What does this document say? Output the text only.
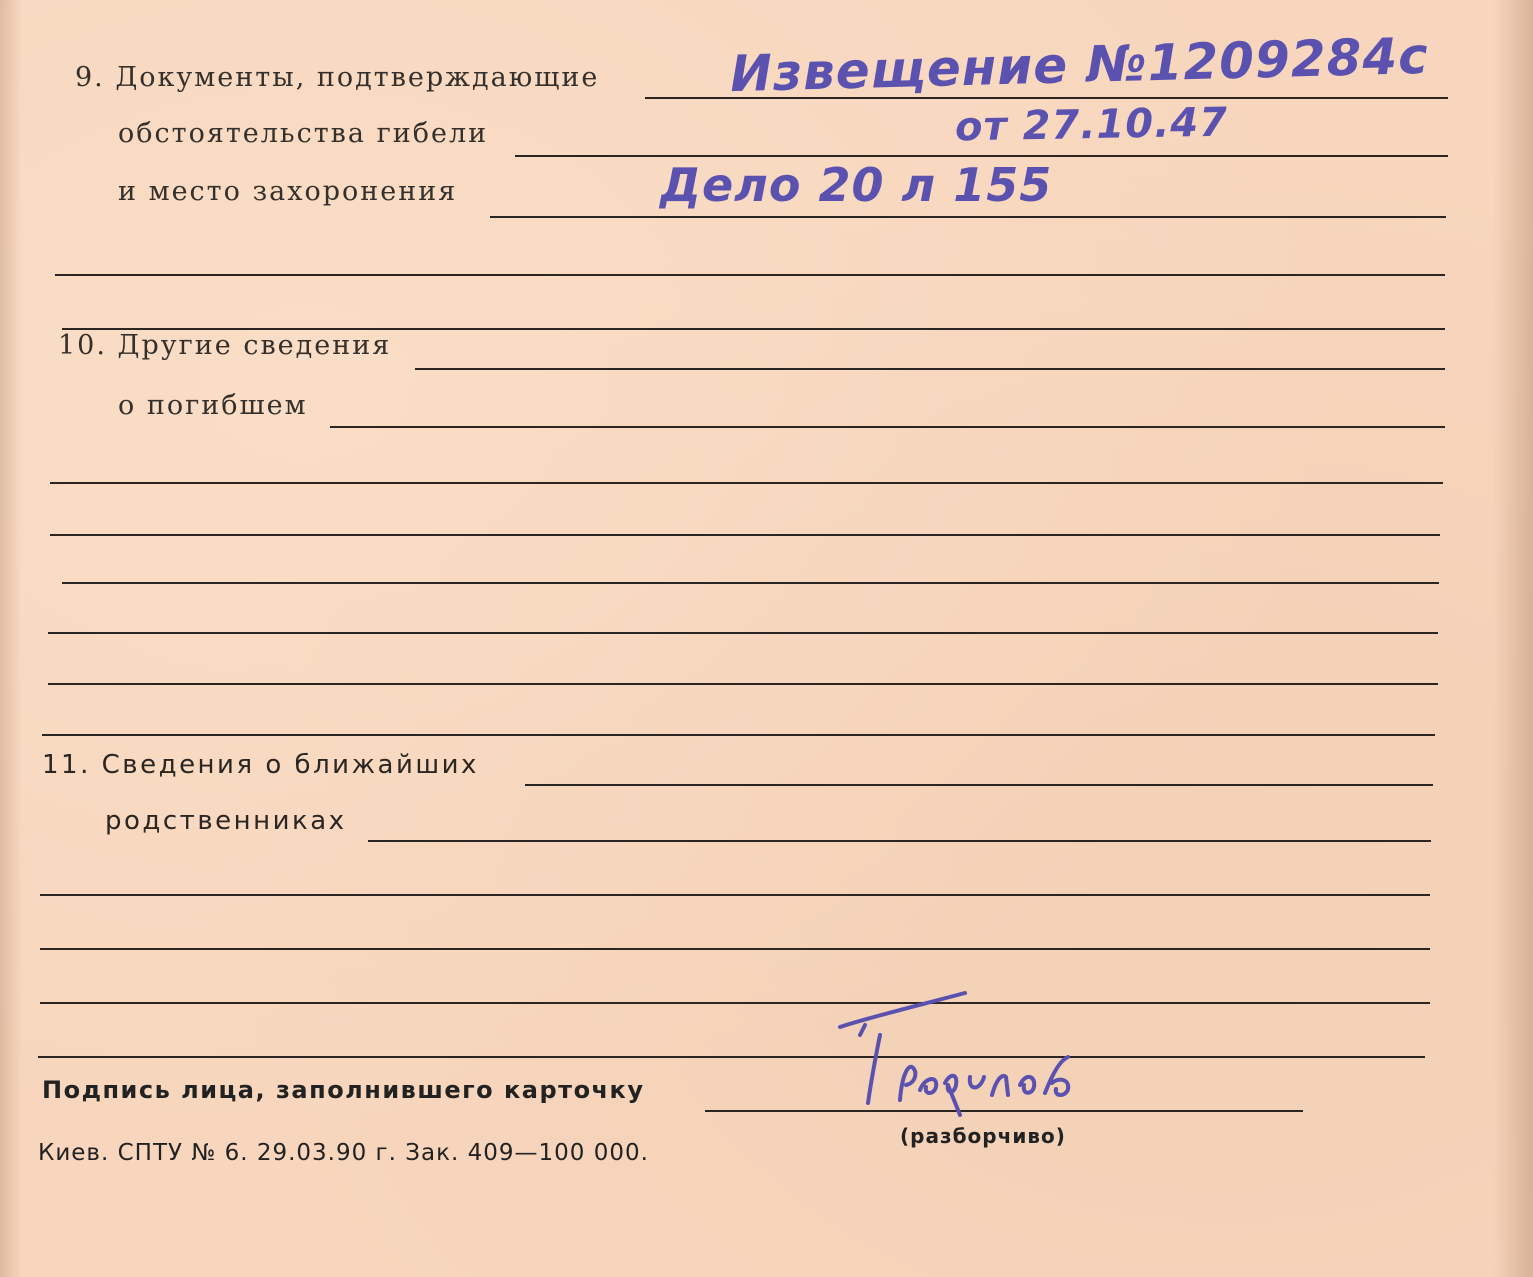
9. Документы, подтверждающие
обстоятельства гибели
и место захоронения
Извещение №1209284с
от 27.10.47
Дело 20 л 155
10. Другие сведения
о погибшем
11. Сведения о ближайших
родственниках
Подпись лица, заполнившего карточку
(разборчиво)
Киев. СПТУ № 6. 29.03.90 г. Зак. 409—100 000.
